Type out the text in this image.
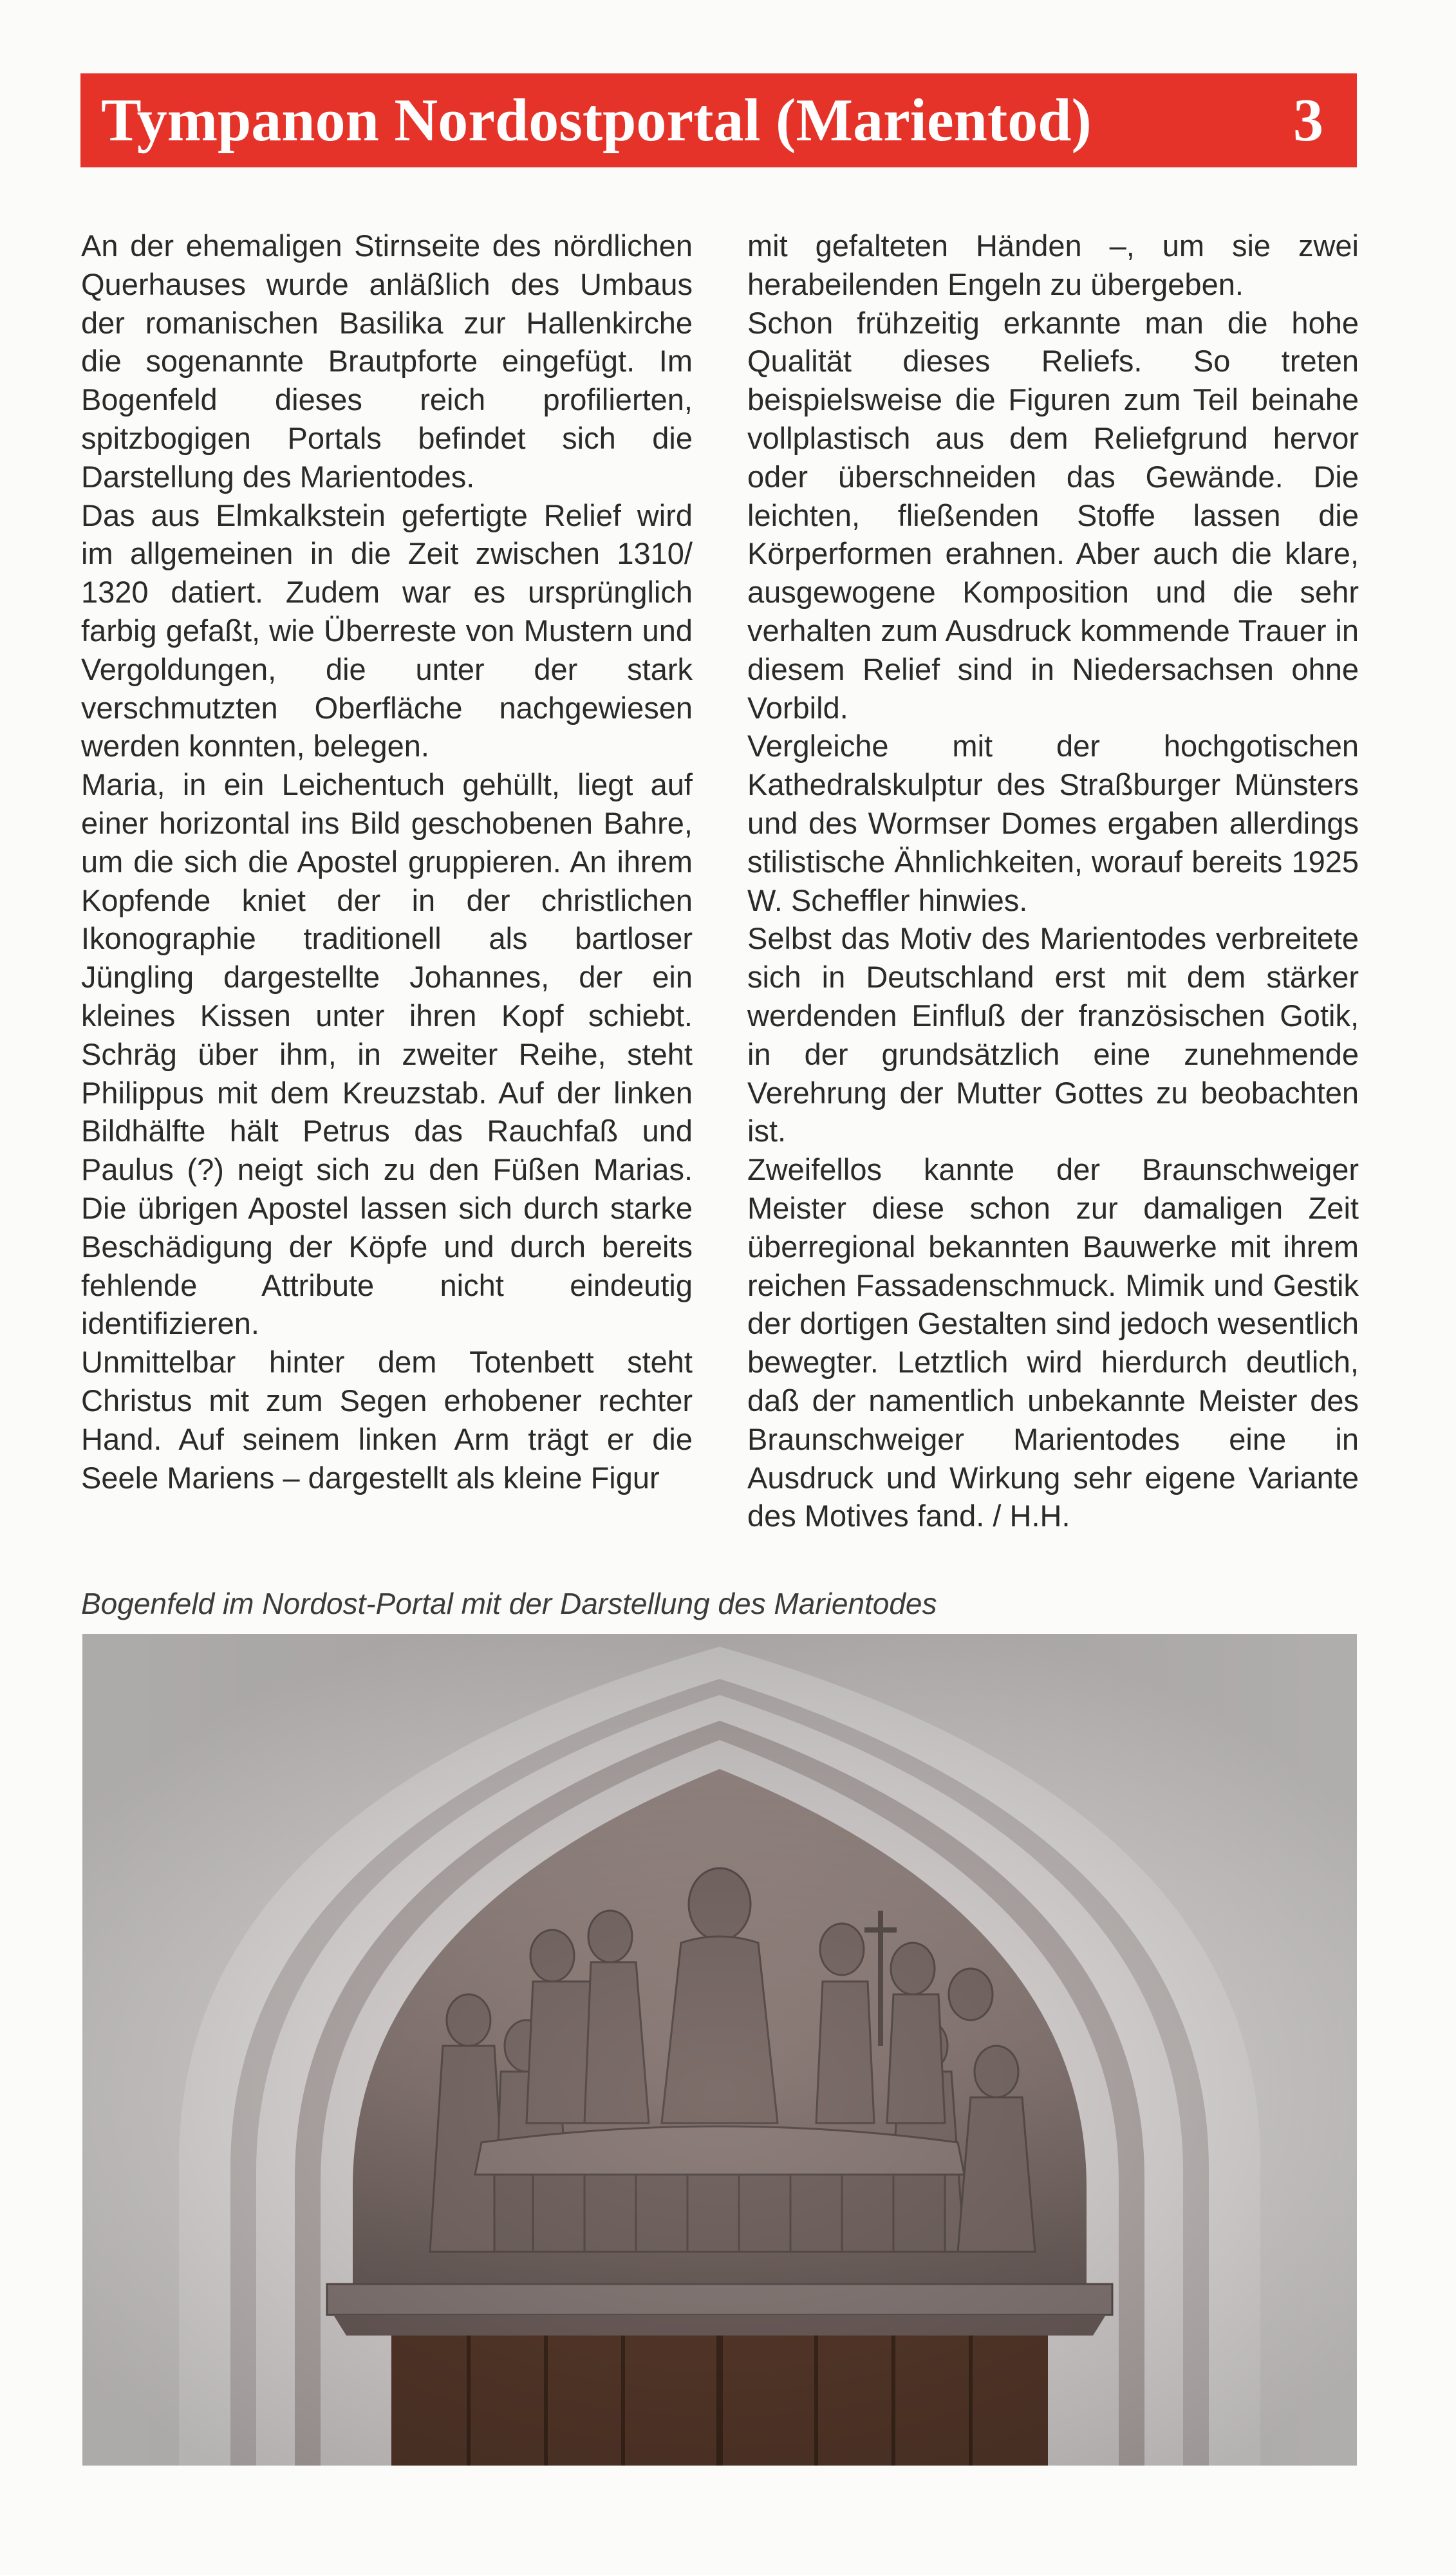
Tympanon Nordostportal (Marientod)	3

An der ehemaligen Stirnseite des nördlichen Querhauses wurde anläßlich des Umbaus der romanischen Basilika zur Hallenkirche die sogenannte Brautpforte eingefügt. Im Bogenfeld dieses reich profilierten, spitzbogigen Portals befindet sich die Darstellung des Marientodes.

Das aus Elmkalkstein gefertigte Relief wird im allgemeinen in die Zeit zwischen 1310/ 1320 datiert. Zudem war es ursprünglich farbig gefaßt, wie Überreste von Mustern und Vergoldungen, die unter der stark verschmutzten Oberfläche nachgewiesen werden konnten, belegen.

Maria, in ein Leichentuch gehüllt, liegt auf einer horizontal ins Bild geschobenen Bahre, um die sich die Apostel gruppieren. An ihrem Kopfende kniet der in der christlichen Ikonographie traditionell als bartloser Jüngling dargestellte Johannes, der ein kleines Kissen unter ihren Kopf schiebt. Schräg über ihm, in zweiter Reihe, steht Philippus mit dem Kreuzstab. Auf der linken Bildhälfte hält Petrus das Rauchfaß und Paulus (?) neigt sich zu den Füßen Marias. Die übrigen Apostel lassen sich durch starke Beschädigung der Köpfe und durch bereits fehlende Attribute nicht eindeutig identifizieren.

Unmittelbar hinter dem Totenbett steht Christus mit zum Segen erhobener rechter Hand. Auf seinem linken Arm trägt er die Seele Mariens – dargestellt als kleine Figur

mit gefalteten Händen –, um sie zwei herabeilenden Engeln zu übergeben.

Schon frühzeitig erkannte man die hohe Qualität dieses Reliefs. So treten beispielsweise die Figuren zum Teil beinahe vollplastisch aus dem Reliefgrund hervor oder überschneiden das Gewände. Die leichten, fließenden Stoffe lassen die Körperformen erahnen. Aber auch die klare, ausgewogene Komposition und die sehr verhalten zum Ausdruck kommende Trauer in diesem Relief sind in Niedersachsen ohne Vorbild.

Vergleiche mit der hochgotischen Kathedralskulptur des Straßburger Münsters und des Wormser Domes ergaben allerdings stilistische Ähnlichkeiten, worauf bereits 1925 W. Scheffler hinwies.

Selbst das Motiv des Marientodes verbreitete sich in Deutschland erst mit dem stärker werdenden Einfluß der französischen Gotik, in der grundsätzlich eine zunehmende Verehrung der Mutter Gottes zu beobachten ist.

Zweifellos kannte der Braunschweiger Meister diese schon zur damaligen Zeit überregional bekannten Bauwerke mit ihrem reichen Fassadenschmuck. Mimik und Gestik der dortigen Gestalten sind jedoch wesentlich bewegter. Letztlich wird hierdurch deutlich, daß der namentlich unbekannte Meister des Braunschweiger Marientodes eine in Ausdruck und Wirkung sehr eigene Variante des Motives fand. / H.H.

Bogenfeld im Nordost-Portal mit der Darstellung des Marientodes
